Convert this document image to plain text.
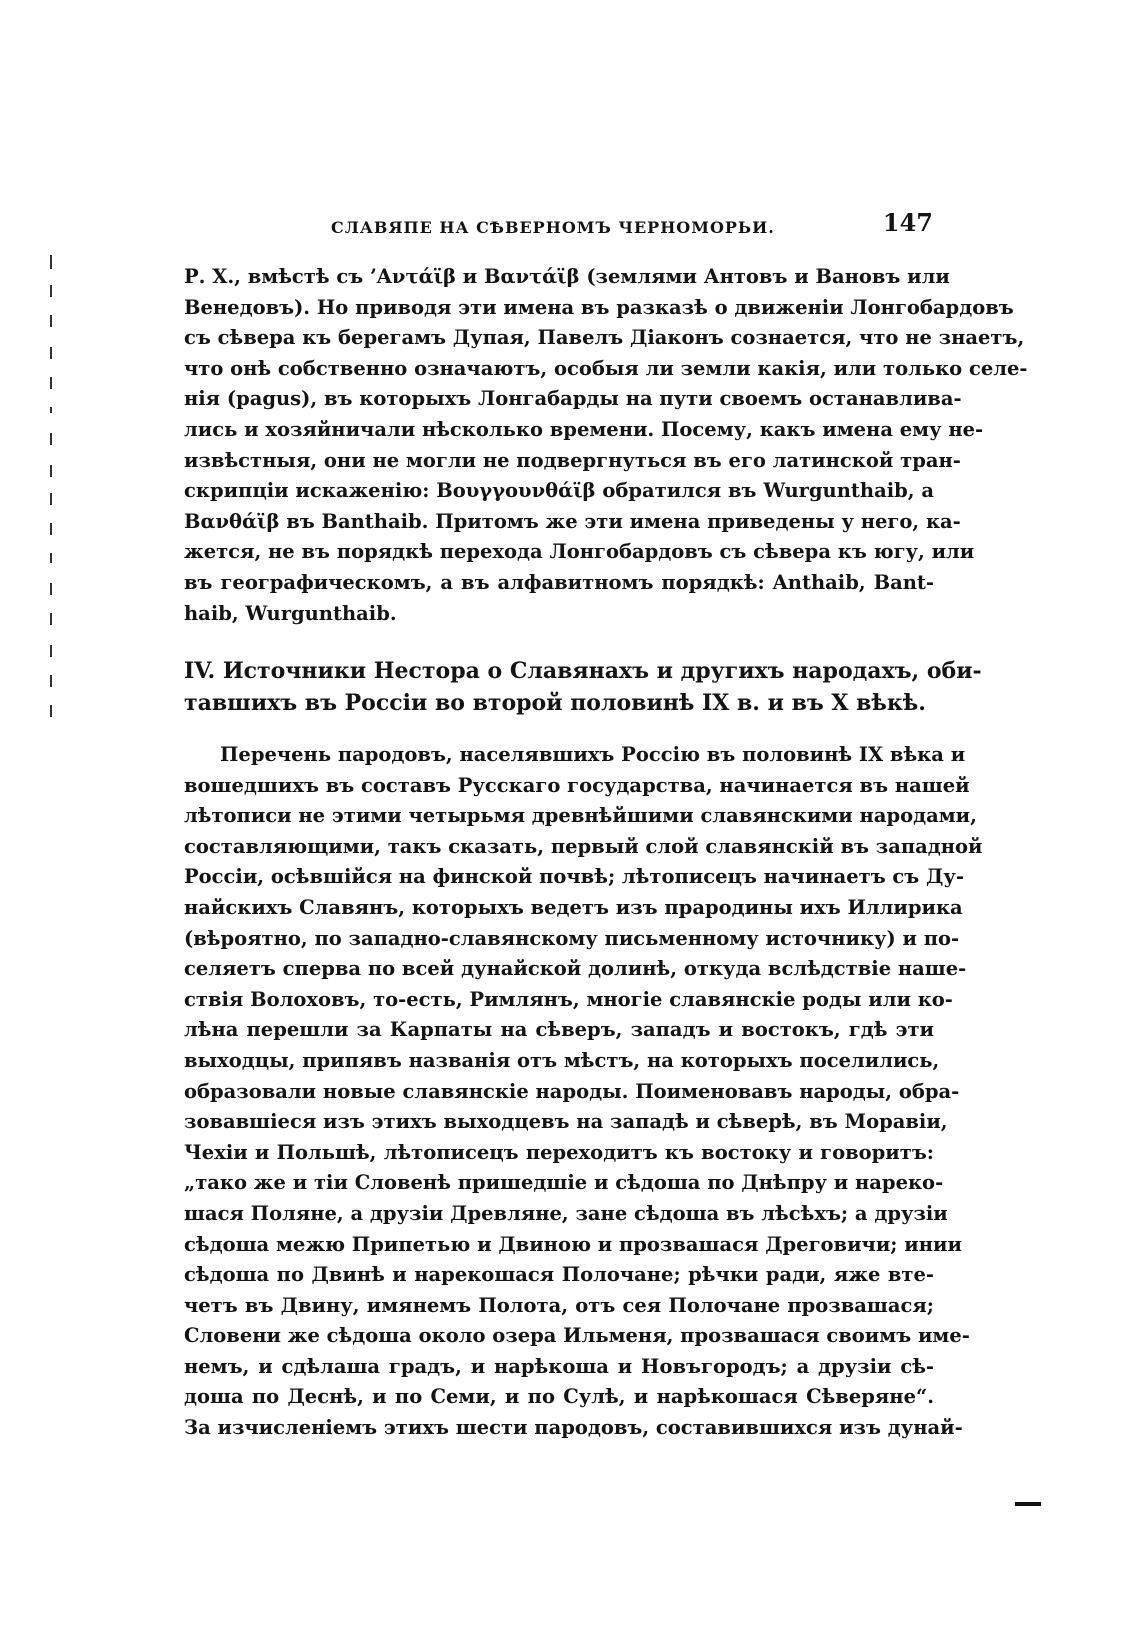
СЛАВЯПЕ НА СѢВЕРНОМЪ ЧЕРНОМОРЬИ.	147
Р. Х., вмѣстѣ съ ’Αντάϊβ и Βαντάϊβ (землями Антовъ и Вановъ или
Венедовъ). Но приводя эти имена въ разказѣ о движеніи Лонгобардовъ
съ сѣвера къ берегамъ Дупая, Павелъ Діаконъ сознается, что не знаетъ,
что онѣ собственно означаютъ, особыя ли земли какія, или только селе-
нія (pagus), въ которыхъ Лонгабарды на пути своемъ останавлива-
лись и хозяйничали нѣсколько времени. Посему, какъ имена ему не-
извѣстныя, они не могли не подвергнуться въ его латинской тран-
скрипціи искаженію: Βουγγουνθάϊβ обратился въ Wurgunthaib, а
Βανθάϊβ въ Banthaib. Притомъ же эти имена приведены у него, ка-
жется, не въ порядкѣ перехода Лонгобардовъ съ сѣвера къ югу, или
въ географическомъ, а въ алфавитномъ порядкѣ: Anthaib, Bant-
haib, Wurgunthaib.
IV. Источники Нестора о Славянахъ и другихъ народахъ, оби-
тавшихъ въ Россіи во второй половинѣ IX в. и въ X вѣкѣ.
Перечень пародовъ, населявшихъ Россію въ половинѣ IX вѣка и
вошедшихъ въ составъ Русскаго государства, начинается въ нашей
лѣтописи не этими четырьмя древнѣйшими славянскими народами,
составляющими, такъ сказать, первый слой славянскій въ западной
Россіи, осѣвшійся на финской почвѣ; лѣтописецъ начинаетъ съ Ду-
найскихъ Славянъ, которыхъ ведетъ изъ прародины ихъ Иллирика
(вѣроятно, по западно-славянскому письменному источнику) и по-
селяетъ сперва по всей дунайской долинѣ, откуда вслѣдствіе наше-
ствія Волоховъ, то-есть, Римлянъ, многіе славянскіе роды или ко-
лѣна перешли за Карпаты на сѣверъ, западъ и востокъ, гдѣ эти
выходцы, припявъ названія отъ мѣстъ, на которыхъ поселились,
образовали новые славянскіе народы. Поименовавъ народы, обра-
зовавшіеся изъ этихъ выходцевъ на западѣ и сѣверѣ, въ Моравіи,
Чехіи и Польшѣ, лѣтописецъ переходитъ къ востоку и говоритъ:
„тако же и тіи Словенѣ пришедшіе и сѣдоша по Днѣпру и нареко-
шася Поляне, а друзіи Древляне, зане сѣдоша въ лѣсѣхъ; а друзіи
сѣдоша межю Припетью и Двиною и прозвашася Дреговичи; инии
сѣдоша по Двинѣ и нарекошася Полочане; рѣчки ради, яже вте-
четъ въ Двину, имянемъ Полота, отъ сея Полочане прозвашася;
Словени же сѣдоша около озера Ильменя, прозвашася своимъ име-
немъ, и сдѣлаша градъ, и нарѣкоша и Новъгородъ; а друзіи сѣ-
доша по Деснѣ, и по Семи, и по Сулѣ, и нарѣкошася Сѣверяне“.
За изчисленіемъ этихъ шести пародовъ, составившихся изъ дунай-
